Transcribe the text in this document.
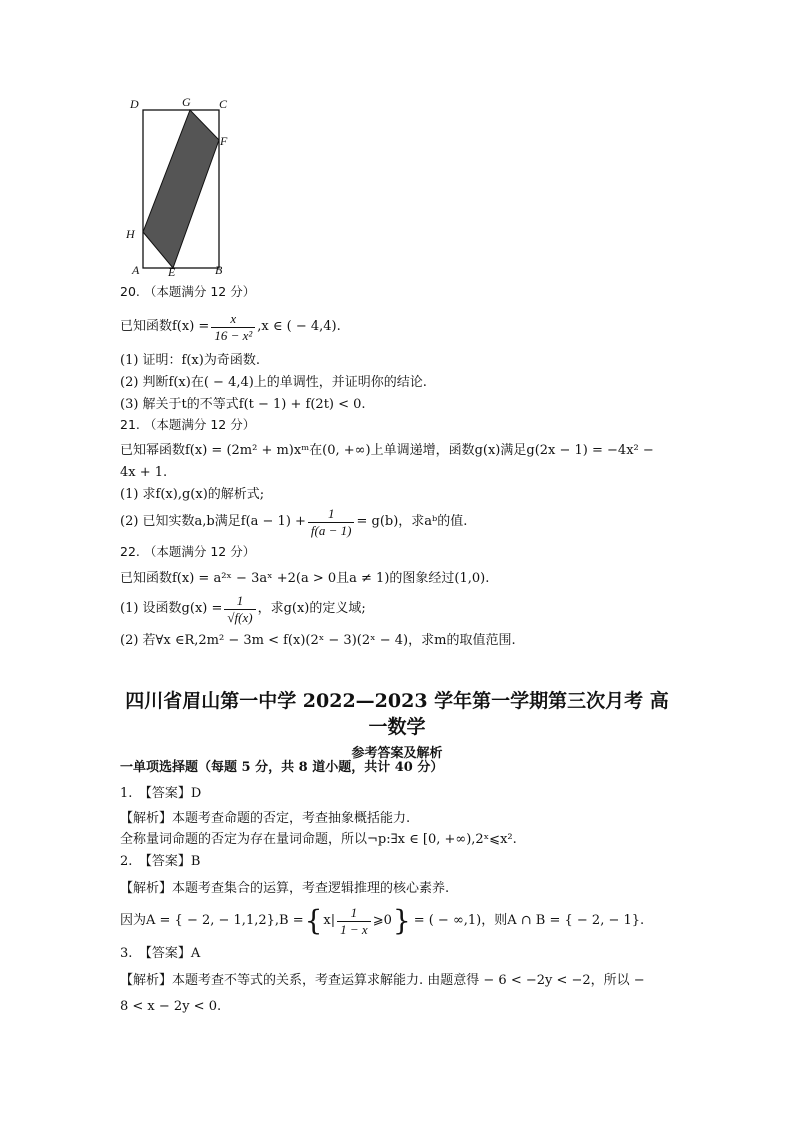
D	G C
F
H
A E	B
20. （本题满分 12 分）
已知函数$f(x) = \frac{x}{\text{16 − x²}} ,x$ ∈ ( − 4,4).
(1) 证明：f(x)为奇函数.
(2) 判断f(x)在( − 4,4)上的单调性，并证明你的结论.
(3) 解关于t的不等式f(t − 1) + f(2t) < 0.
21. （本题满分 12 分）
已知幂函数f(x) = (2m² + m)xᵐ在(0, +∞)上单调递增，函数g(x)满足g(2x − 1) = −4x² −
4x + 1.
(1) 求f(x),g(x)的解析式;
(2) 已知实数a,b满足$f(a - 1) + \frac{1}{f(a - 1)} = g(b)$，求aᵇ的值.
22. （本题满分 12 分）
已知函数f(x) = a²ˣ − 3aˣ +2(a > 0且a ≠ 1)的图象经过(1,0).
(1) 设函数$g(x) = \frac{1}{√f(x)}$ ，求g(x)的定义域;
(2) 若∀x ∈R,2m² − 3m < f(x)(2ˣ − 3)(2ˣ − 4)，求m的取值范围.
四川省眉山第一中学 2022—2023 学年第一学期第三次月考 高
一数学
参考答案及解析
一单项选择题（每题 5 分，共 8 道小题，共计 40 分）
1.　【答案】D
【解析】本题考查命题的否定，考查抽象概括能力.
全称量词命题的否定为存在量词命题，所以¬p:∃x ∈ [0, +∞),2ˣ⩽x².
2.　【答案】B
【解析】本题考查集合的运算，考查逻辑推理的核心素养.
因为A = { − 2, − 1,1,2},B = { $x| \frac{1}{1 - x}$ ⩾0 } = ( − ∞,1)，则A ∩ B = { − 2, − 1}.
3.　【答案】A
【解析】本题考查不等式的关系，考查运算求解能力. 由题意得 − 6 < −2y < −2，所以 −
8 < x − 2y < 0.
